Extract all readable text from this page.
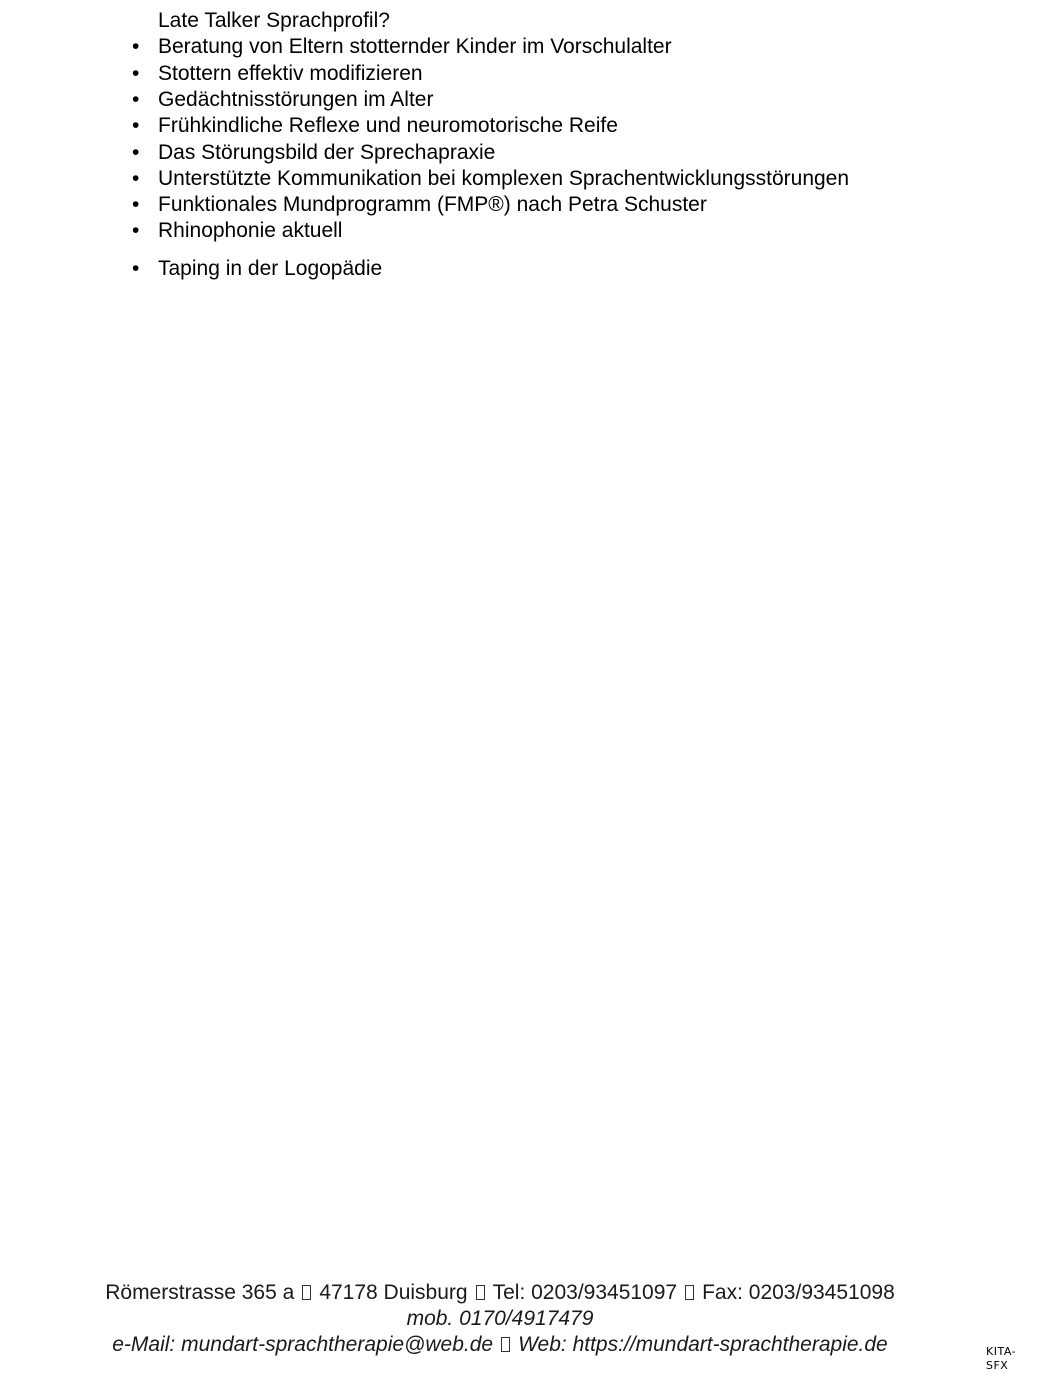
Late Talker Sprachprofil?
• Beratung von Eltern stotternder Kinder im Vorschulalter
• Stottern effektiv modifizieren
• Gedächtnisstörungen im Alter
• Frühkindliche Reflexe und neuromotorische Reife
• Das Störungsbild der Sprechapraxie
• Unterstützte Kommunikation bei komplexen Sprachentwicklungsstörungen
• Funktionales Mundprogramm (FMP®) nach Petra Schuster
• Rhinophonie aktuell
• Taping in der Logopädie
Römerstrasse 365 a 47178 Duisburg Tel: 0203/93451097 Fax: 0203/93451098
mob. 0170/4917479
e-Mail: mundart-sprachtherapie@web.de Web: https://mundart-sprachtherapie.de	KITA-SFX
